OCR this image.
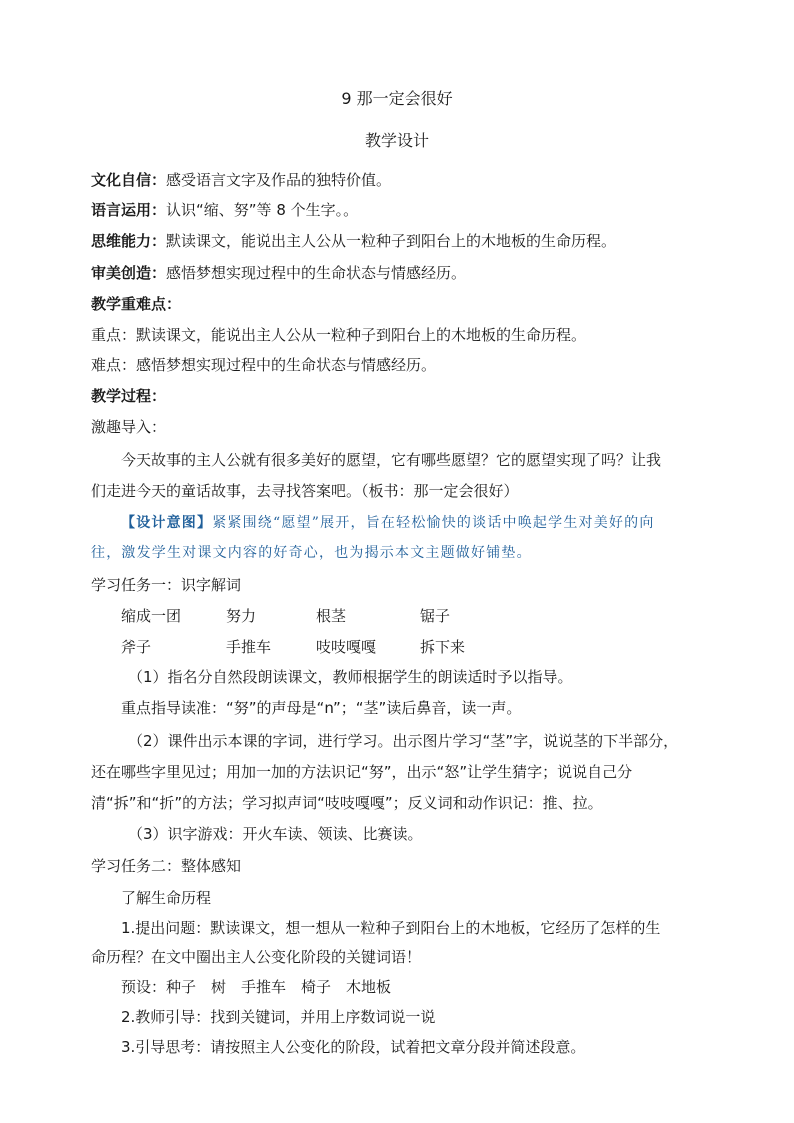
9 那一定会很好
教学设计
文化自信：感受语言文字及作品的独特价值。
语言运用：认识“缩、努”等 8 个生字。。
思维能力：默读课文，能说出主人公从一粒种子到阳台上的木地板的生命历程。
审美创造：感悟梦想实现过程中的生命状态与情感经历。
教学重难点：
重点：默读课文，能说出主人公从一粒种子到阳台上的木地板的生命历程。
难点：感悟梦想实现过程中的生命状态与情感经历。
教学过程：
激趣导入：
今天故事的主人公就有很多美好的愿望，它有哪些愿望？它的愿望实现了吗？让我
们走进今天的童话故事，去寻找答案吧。（板书：那一定会很好）
【设计意图】紧紧围绕“愿望”展开，旨在轻松愉快的谈话中唤起学生对美好的向
往，激发学生对课文内容的好奇心，也为揭示本文主题做好铺垫。
学习任务一：识字解词
缩成一团	努力	根茎	锯子
斧子	手推车	吱吱嘎嘎	拆下来
（1）指名分自然段朗读课文，教师根据学生的朗读适时予以指导。
重点指导读准：“努”的声母是“n”；“茎”读后鼻音，读一声。
（2）课件出示本课的字词，进行学习。出示图片学习“茎”字，说说茎的下半部分，
还在哪些字里见过；用加一加的方法识记“努”，出示“怒”让学生猜字；说说自己分
清“拆”和“折”的方法；学习拟声词“吱吱嘎嘎”；反义词和动作识记：推、拉。
（3）识字游戏：开火车读、领读、比赛读。
学习任务二：整体感知
了解生命历程
1.提出问题：默读课文，想一想从一粒种子到阳台上的木地板，它经历了怎样的生
命历程？在文中圈出主人公变化阶段的关键词语！
预设：种子　树　手推车　椅子　木地板
2.教师引导：找到关键词，并用上序数词说一说
3.引导思考：请按照主人公变化的阶段，试着把文章分段并简述段意。
